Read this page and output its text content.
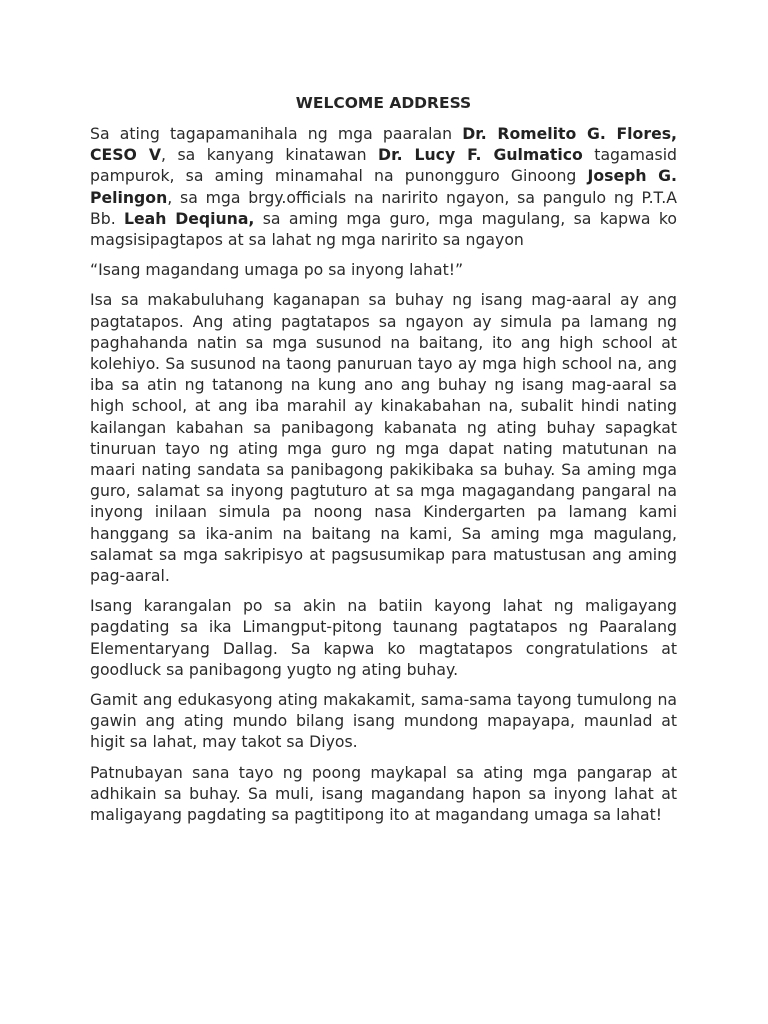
WELCOME ADDRESS

Sa ating tagapamanihala ng mga paaralan Dr. Romelito G. Flores, CESO V, sa kanyang kinatawan Dr. Lucy F. Gulmatico tagamasid pampurok, sa aming minamahal na punongguro Ginoong Joseph G. Pelingon, sa mga brgy.officials na naririto ngayon, sa pangulo ng P.T.A Bb. Leah Deqiuna, sa aming mga guro, mga magulang, sa kapwa ko magsisipagtapos at sa lahat ng mga naririto sa ngayon

“Isang magandang umaga po sa inyong lahat!”

Isa sa makabuluhang kaganapan sa buhay ng isang mag-aaral ay ang pagtatapos. Ang ating pagtatapos sa ngayon ay simula pa lamang ng paghahanda natin sa mga susunod na baitang, ito ang high school at kolehiyo. Sa susunod na taong panuruan tayo ay mga high school na, ang iba sa atin ng tatanong na kung ano ang buhay ng isang mag-aaral sa high school, at ang iba marahil ay kinakabahan na, subalit hindi nating kailangan kabahan sa panibagong kabanata ng ating buhay sapagkat tinuruan tayo ng ating mga guro ng mga dapat nating matutunan na maari nating sandata sa panibagong pakikibaka sa buhay. Sa aming mga guro, salamat sa inyong pagtuturo at sa mga magagandang pangaral na inyong inilaan simula pa noong nasa Kindergarten pa lamang kami hanggang sa ika-anim na baitang na kami, Sa aming mga magulang, salamat sa mga sakripisyo at pagsusumikap para matustusan ang aming pag-aaral.

Isang karangalan po sa akin na batiin kayong lahat ng maligayang pagdating sa ika Limangput-pitong taunang pagtatapos ng Paaralang Elementaryang Dallag. Sa kapwa ko magtatapos congratulations at goodluck sa panibagong yugto ng ating buhay.

Gamit ang edukasyong ating makakamit, sama-sama tayong tumulong na gawin ang ating mundo bilang isang mundong mapayapa, maunlad at higit sa lahat, may takot sa Diyos.

Patnubayan sana tayo ng poong maykapal sa ating mga pangarap at adhikain sa buhay. Sa muli, isang magandang hapon sa inyong lahat at maligayang pagdating sa pagtitipong ito at magandang umaga sa lahat!
